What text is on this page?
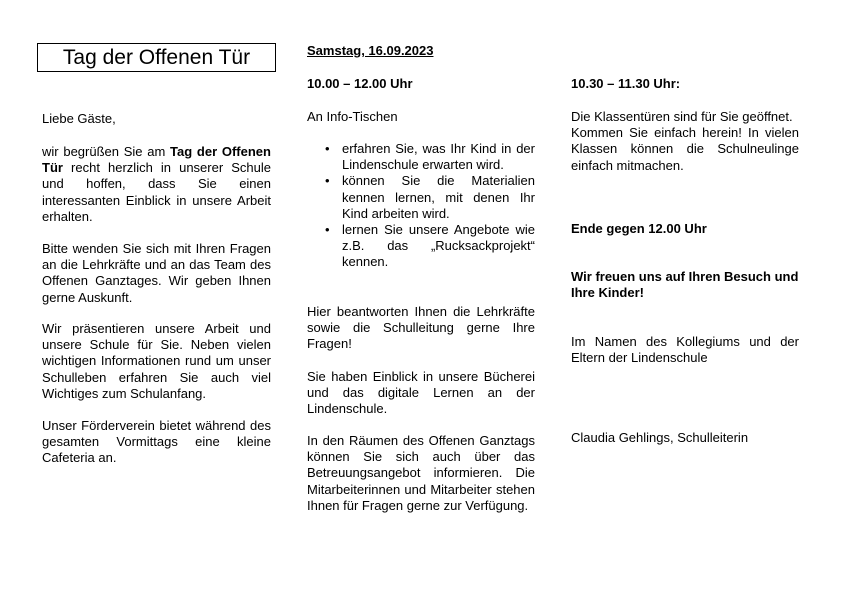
Tag der Offenen Tür

Liebe Gäste,

wir begrüßen Sie am Tag der Offenen Tür recht herzlich in unserer Schule und hoffen, dass Sie einen interessanten Einblick in unsere Arbeit erhalten.

Bitte wenden Sie sich mit Ihren Fragen an die Lehrkräfte und an das Team des Offenen Ganztages. Wir geben Ihnen gerne Auskunft.

Wir präsentieren unsere Arbeit und unsere Schule für Sie. Neben vielen wichtigen Informationen rund um unser Schulleben erfahren Sie auch viel Wichtiges zum Schulanfang.

Unser Förderverein bietet während des gesamten Vormittags eine kleine Cafeteria an.

Samstag, 16.09.2023

10.00 – 12.00 Uhr

An Info-Tischen

• erfahren Sie, was Ihr Kind in der Lindenschule erwarten wird.
• können Sie die Materialien kennen lernen, mit denen Ihr Kind arbeiten wird.
• lernen Sie unsere Angebote wie z.B. das „Rucksackprojekt“ kennen.

Hier beantworten Ihnen die Lehrkräfte sowie die Schulleitung gerne Ihre Fragen!

Sie haben Einblick in unsere Bücherei und das digitale Lernen an der Lindenschule.

In den Räumen des Offenen Ganztags können Sie sich auch über das Betreuungsangebot informieren. Die Mitarbeiterinnen und Mitarbeiter stehen Ihnen für Fragen gerne zur Verfügung.

10.30 – 11.30 Uhr:

Die Klassentüren sind für Sie geöffnet.
Kommen Sie einfach herein! In vielen Klassen können die Schulneulinge einfach mitmachen.

Ende gegen 12.00 Uhr

Wir freuen uns auf Ihren Besuch und Ihre Kinder!

Im Namen des Kollegiums und der Eltern der Lindenschule

Claudia Gehlings, Schulleiterin
